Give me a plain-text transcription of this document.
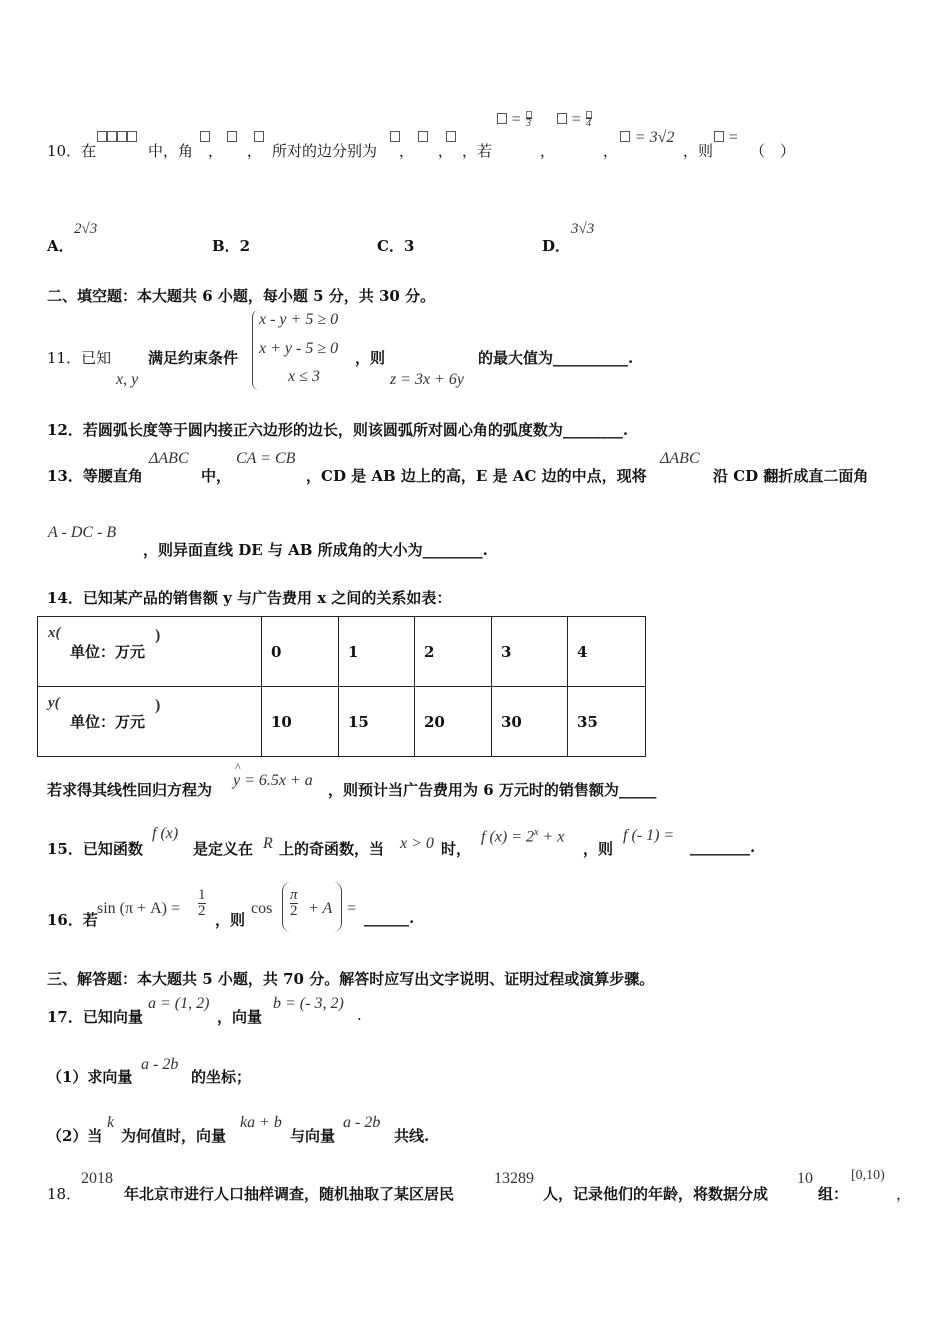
10．在	中，角 ，     ， 所对的边分别为 ，     ， ，若
= 3
，
= 4
，
= 3√2
，则
=
（　）
A．
2√3
B．2	C．3	D．
3√3
二、填空题：本大题共 6 小题，每小题 5 分，共 30 分。
11．已知
x, y
满足约束条件
x - y + 5 ≥ 0
x + y - 5 ≥ 0
x ≤ 3
，则
z = 3x + 6y
的最大值为__________.
12．若圆弧长度等于圆内接正六边形的边长，则该圆弧所对圆心角的弧度数为________.
13．等腰直角
ΔABC
中，
CA = CB
，CD 是 AB 边上的高，E 是 AC 边的中点，现将
ΔABC
沿 CD 翻折成直二面角
A - DC - B
，则异面直线 DE 与 AB 所成角的大小为________.
14．已知某产品的销售额 y 与广告费用 x 之间的关系如表：
x(
单位：万元
)	0	1	2	3	4

y(
单位：万元
)	10	15	20	30	35
若求得其线性回归方程为
^
y = 6.5x + a
，则预计当广告费用为 6 万元时的销售额为_____
15．已知函数
f (x)
是定义在 R 上的奇函数，当 x > 0 时，
f $(x) = 2^x + x$
，则
f (- 1) =
________.
16．若
sin (π + A) =
1
2 ，则
cos
π
2 + A =
______.
三、解答题：本大题共 5 小题，共 70 分。解答时应写出文字说明、证明过程或演算步骤。
17．已知向量
a = (1, 2)
，向量
b = (- 3, 2)
.
（1）求向量
a - 2b
的坐标；
（2）当
k
为何值时，向量
ka + b
与向量
a - 2b
共线.
18．
2018
年北京市进行人口抽样调查，随机抽取了某区居民
13289
人，记录他们的年龄，将数据分成
10
组：
[0,10)
，
